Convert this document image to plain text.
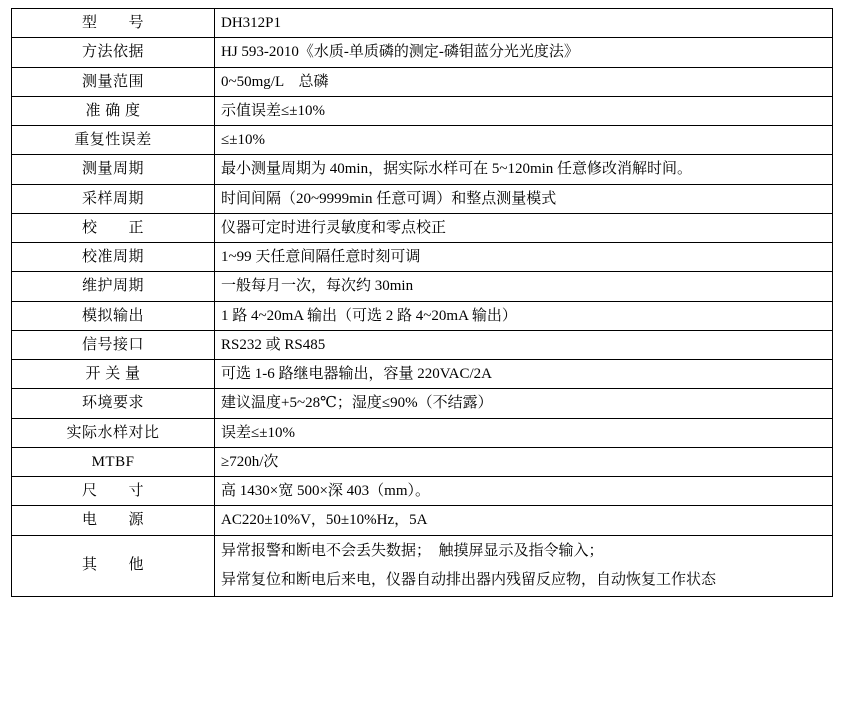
型　　号	DH312P1

方法依据	HJ 593-2010《水质-单质磷的测定-磷钼蓝分光光度法》

测量范围	0~50mg/L　总磷

准 确 度	示值误差≤±10%

重复性误差	≤±10%

测量周期	最小测量周期为 40min，据实际水样可在 5~120min 任意修改消解时间。

采样周期	时间间隔（20~9999min 任意可调）和整点测量模式

校　　正	仪器可定时进行灵敏度和零点校正

校准周期	1~99 天任意间隔任意时刻可调

维护周期	一般每月一次，每次约 30min

模拟输出	1 路 4~20mA 输出（可选 2 路 4~20mA 输出）

信号接口	RS232 或 RS485

开 关 量	可选 1-6 路继电器输出，容量 220VAC/2A

环境要求	建议温度+5~28℃；湿度≤90%（不结露）

实际水样对比	误差≤±10%

MTBF	≥720h/次

尺　　寸	高 1430×宽 500×深 403（mm）。

电　　源	AC220±10%V，50±10%Hz，5A

其　　他	异常报警和断电不会丢失数据；　触摸屏显示及指令输入；
异常复位和断电后来电，仪器自动排出器内残留反应物，自动恢复工作状态
